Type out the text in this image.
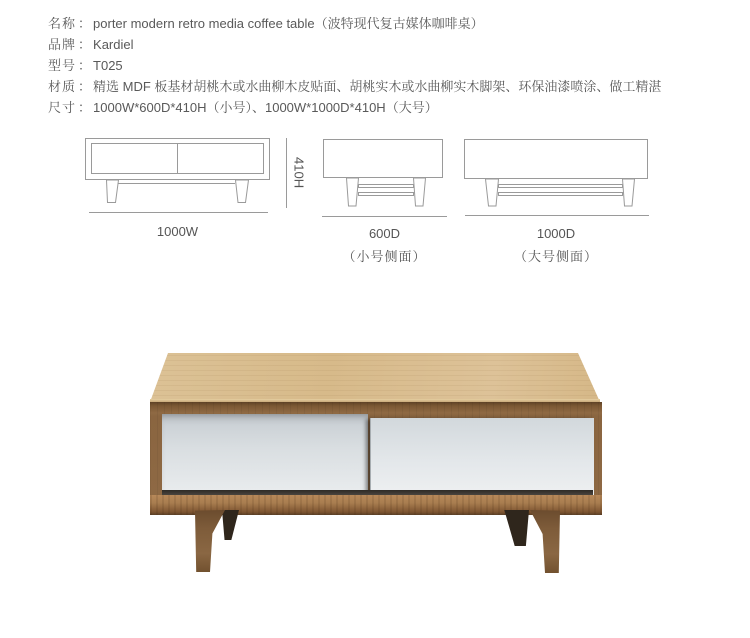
名称 ： porter modern retro media coffee table（波特现代复古媒体咖啡桌）
品牌 ： Kardiel
型号 ： T025
材质 ： 精选 MDF 板基材胡桃木或水曲柳木皮贴面、胡桃实木或水曲柳实木脚架、环保油漆喷涂、做工精湛
尺寸 ： 1000W*600D*410H（小号）、1000W*1000D*410H（大号）
1000W
410H
600D
（小号侧面）
1000D
（大号侧面）
